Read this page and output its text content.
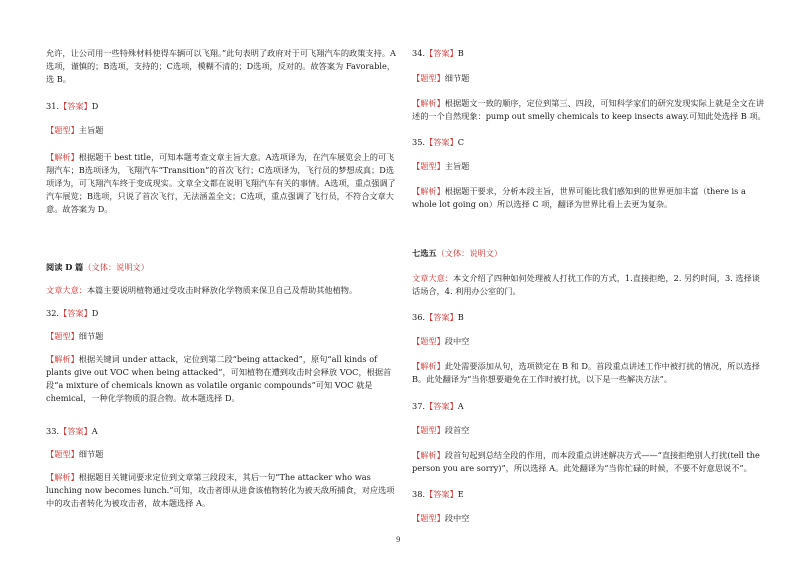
允许，让公司用一些特殊材料使得车辆可以飞翔。”此句表明了政府对于可飞翔汽车的政策支持。A选项，谨慎的；B选项，支持的；C选项，模糊不清的；D选项，反对的。故答案为 Favorable，选 B。

31.【答案】D
【题型】主旨题

【解析】根据题干 best title，可知本题考查文章主旨大意。A选项译为，在汽车展览会上的可飞翔汽车；B选项译为，飞翔汽车“Transition”的首次飞行；C选项译为，飞行员的梦想成真；D选项译为，可飞翔汽车终于变成现实。文章全文都在说明飞翔汽车有关的事情。A选项，重点强调了汽车展览；B选项，只说了首次飞行，无法涵盖全文；C选项，重点强调了飞行员，不符合文章大意。故答案为 D。

阅读 D 篇（文体：说明文）

文章大意：本篇主要说明植物通过受攻击时释放化学物质来保卫自己及帮助其他植物。

32.【答案】D
【题型】细节题

【解析】根据关键词 under attack，定位到第二段“being attacked”，原句“all kinds of plants give out VOC when being attacked”，可知植物在遭到攻击时会释放 VOC，根据首段“a mixture of chemicals known as volatile organic compounds”可知 VOC 就是 chemical，一种化学物质的混合物。故本题选择 D。

33.【答案】A
【题型】细节题

【解析】根据题目关键词要求定位到文章第三段段末，其后一句“The attacker who was lunching now becomes lunch.”可知，攻击者即从进食该植物转化为被天敌所捕食，对应选项中的攻击者转化为被攻击者，故本题选择 A。

34.【答案】B
【题型】细节题

【解析】根据题文一致的顺序，定位到第三、四段，可知科学家们的研究发现实际上就是全文在讲述的一个自然现象：pump out smelly chemicals to keep insects away.可知此处选择 B 项。

35.【答案】C
【题型】主旨题

【解析】根据题干要求，分析本段主旨，世界可能比我们感知到的世界更加丰富（there is a whole lot going on）所以选择 C 项，翻译为世界比看上去更为复杂。

七选五（文体：说明文）

文章大意：本文介绍了四种如何处理被人打扰工作的方式，1.直接拒绝，2. 另约时间，3. 选择谈话场合，4. 利用办公室的门。

36.【答案】B
【题型】段中空

【解析】此处需要添加从句，选项锁定在 B 和 D。首段重点讲述工作中被打扰的情况，所以选择 B。此处翻译为“当你想要避免在工作时被打扰，以下是一些解决方法”。

37.【答案】A
【题型】段首空

【解析】段首句起到总结全段的作用，而本段重点讲述解决方式——“直接拒绝别人打扰(tell the person you are sorry)”，所以选择 A。此处翻译为“当你忙碌的时候，不要不好意思说不”。

38.【答案】E
【题型】段中空
9
